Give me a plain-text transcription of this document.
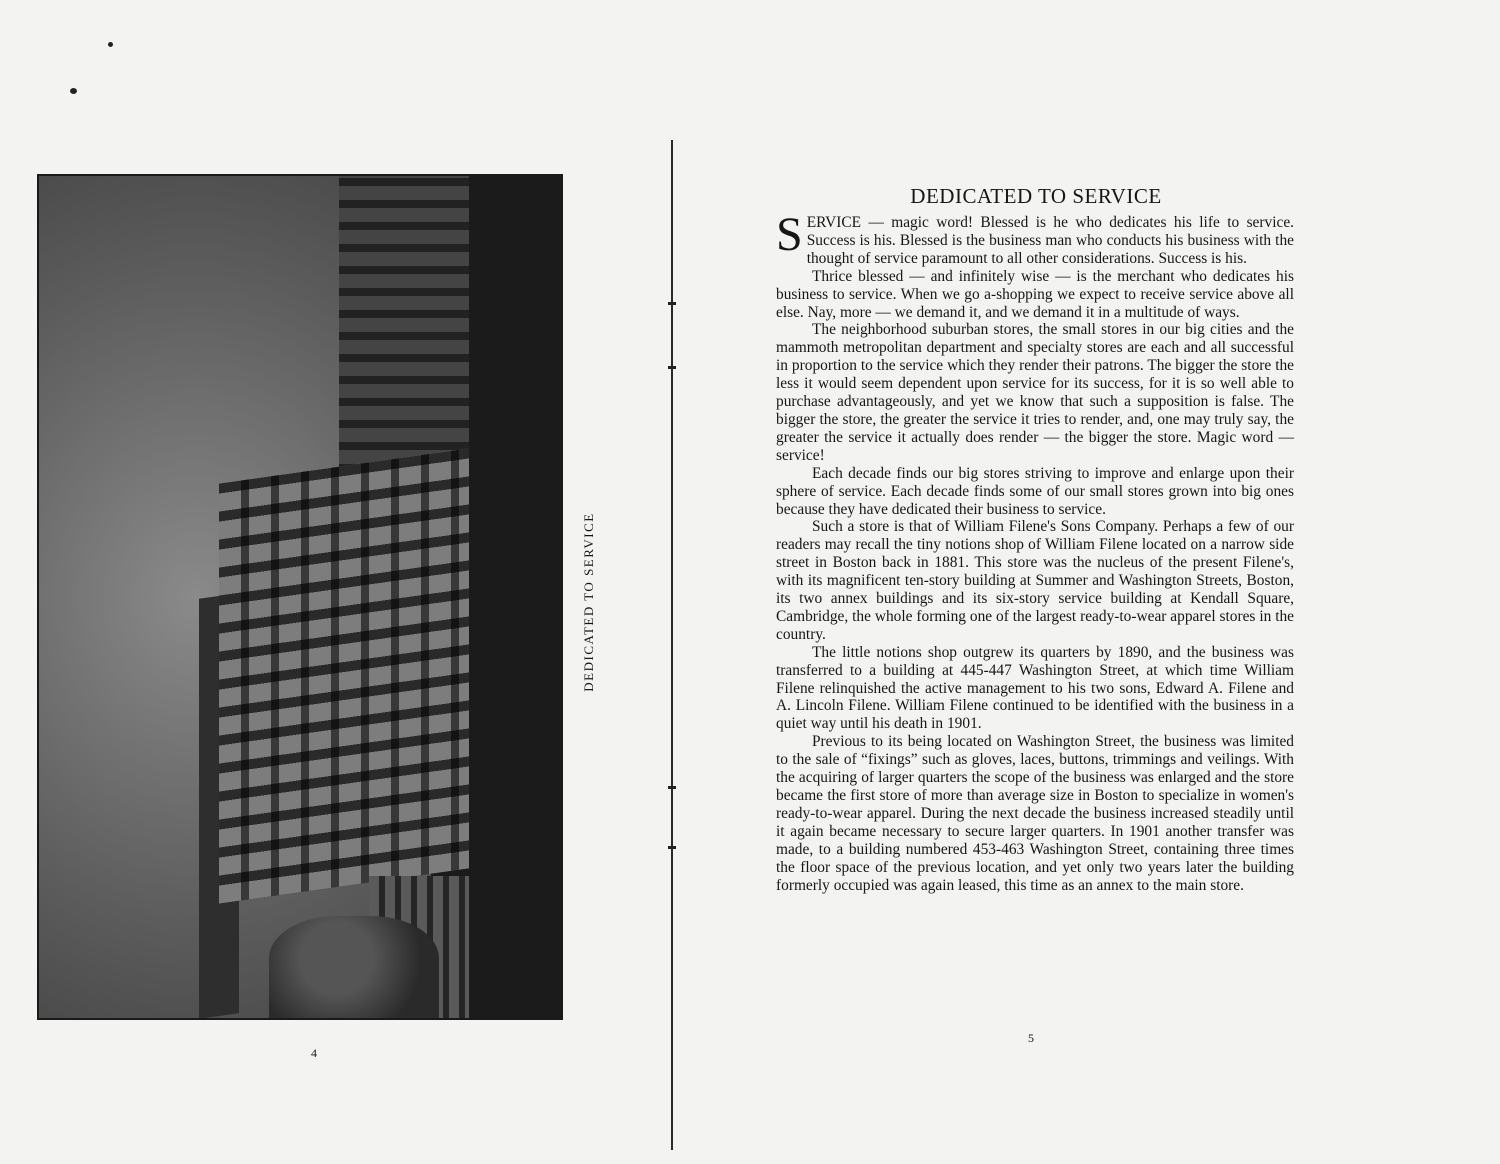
DEDICATED TO SERVICE
4
DEDICATED TO SERVICE

SERVICE — magic word! Blessed is he who dedicates his life to service. Success is his. Blessed is the business man who conducts his business with the thought of service paramount to all other considerations. Success is his.

Thrice blessed — and infinitely wise — is the merchant who dedicates his business to service. When we go a-shopping we expect to receive service above all else. Nay, more — we demand it, and we demand it in a multitude of ways.

The neighborhood suburban stores, the small stores in our big cities and the mammoth metropolitan department and specialty stores are each and all successful in proportion to the service which they render their patrons. The bigger the store the less it would seem dependent upon service for its success, for it is so well able to purchase advantageously, and yet we know that such a supposition is false. The bigger the store, the greater the service it tries to render, and, one may truly say, the greater the service it actually does render — the bigger the store. Magic word — service!

Each decade finds our big stores striving to improve and enlarge upon their sphere of service. Each decade finds some of our small stores grown into big ones because they have dedicated their business to service.

Such a store is that of William Filene's Sons Company. Perhaps a few of our readers may recall the tiny notions shop of William Filene located on a narrow side street in Boston back in 1881. This store was the nucleus of the present Filene's, with its magnificent ten-story building at Summer and Washington Streets, Boston, its two annex buildings and its six-story service building at Kendall Square, Cambridge, the whole forming one of the largest ready-to-wear apparel stores in the country.

The little notions shop outgrew its quarters by 1890, and the business was transferred to a building at 445-447 Washington Street, at which time William Filene relinquished the active management to his two sons, Edward A. Filene and A. Lincoln Filene. William Filene continued to be identified with the business in a quiet way until his death in 1901.

Previous to its being located on Washington Street, the business was limited to the sale of “fixings” such as gloves, laces, buttons, trimmings and veilings. With the acquiring of larger quarters the scope of the business was enlarged and the store became the first store of more than average size in Boston to specialize in women's ready-to-wear apparel. During the next decade the business increased steadily until it again became necessary to secure larger quarters. In 1901 another transfer was made, to a building numbered 453-463 Washington Street, containing three times the floor space of the previous location, and yet only two years later the building formerly occupied was again leased, this time as an annex to the main store.

5
